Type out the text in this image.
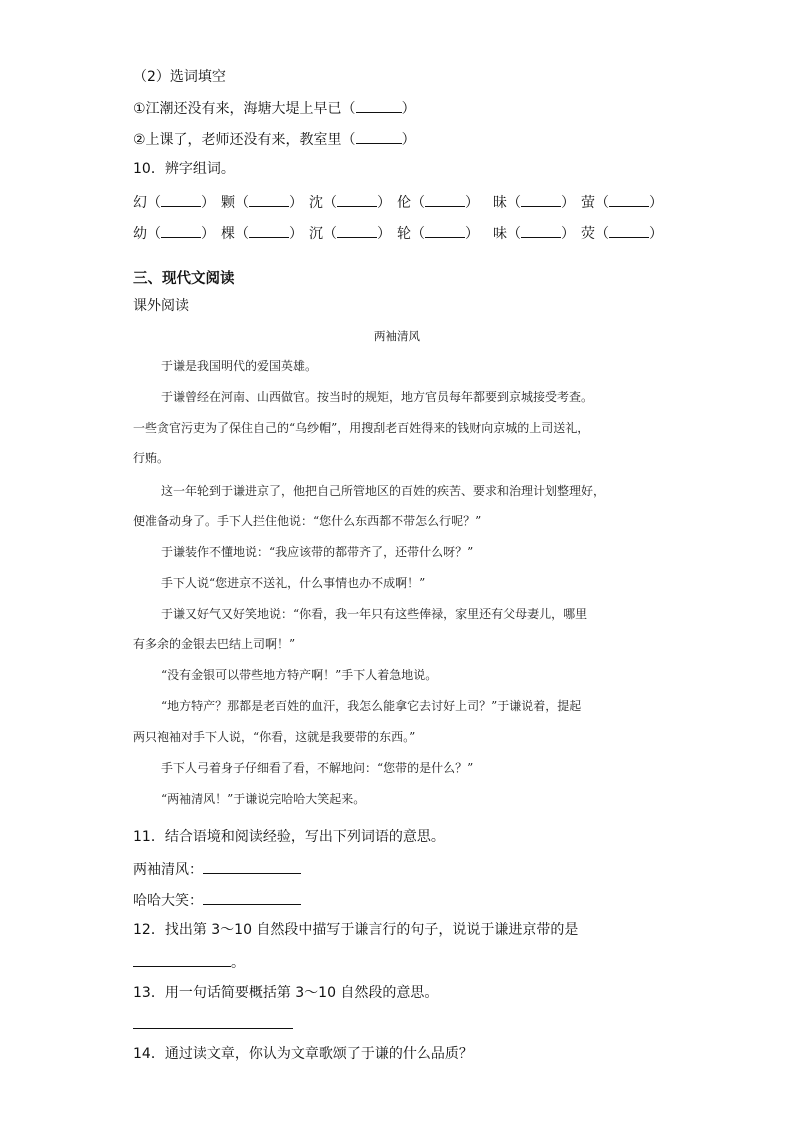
（2）选词填空
①江潮还没有来，海塘大堤上早已（	）
②上课了，老师还没有来，教室里（	）
10．辨字组词。
幻（	） 颗（	） 沈（	） 伦（	） 昧（	） 萤（	）
幼（	） 棵（	） 沉（	） 轮（	） 味（	） 荧（	）
三、现代文阅读
课外阅读
两袖清风
于谦是我国明代的爱国英雄。
于谦曾经在河南、山西做官。按当时的规矩，地方官员每年都要到京城接受考查。
一些贪官污吏为了保住自己的“乌纱帽”，用搜刮老百姓得来的钱财向京城的上司送礼，
行贿。
这一年轮到于谦进京了，他把自己所管地区的百姓的疾苦、要求和治理计划整理好，
便准备动身了。手下人拦住他说：“您什么东西都不带怎么行呢？”
于谦装作不懂地说：“我应该带的都带齐了，还带什么呀？”
手下人说“您进京不送礼，什么事情也办不成啊！”
于谦又好气又好笑地说：“你看，我一年只有这些俸禄，家里还有父母妻儿，哪里
有多余的金银去巴结上司啊！”
“没有金银可以带些地方特产啊！”手下人着急地说。
“地方特产？那都是老百姓的血汗，我怎么能拿它去讨好上司？”于谦说着，提起
两只袍袖对手下人说，“你看，这就是我要带的东西。”
手下人弓着身子仔细看了看，不解地问：“您带的是什么？”
“两袖清风！”于谦说完哈哈大笑起来。
11．结合语境和阅读经验，写出下列词语的意思。
两袖清风：
哈哈大笑：
12．找出第 3～10 自然段中描写于谦言行的句子，说说于谦进京带的是
。
13．用一句话简要概括第 3～10 自然段的意思。
14．通过读文章，你认为文章歌颂了于谦的什么品质？
